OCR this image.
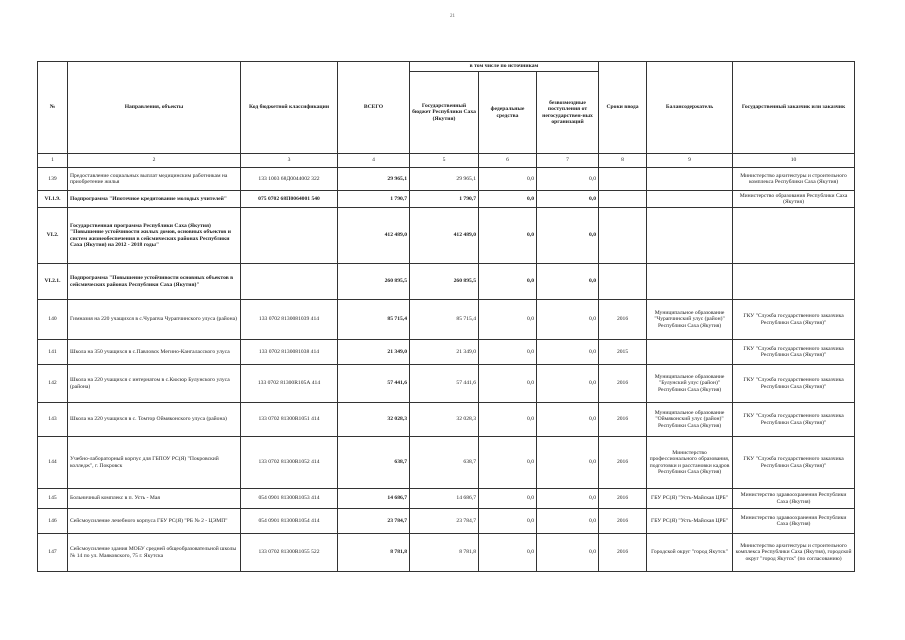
21
№	Направления, объекты	Код бюджетной классификации	ВСЕГО	в том числе по источникам			Сроки ввода	Балансодержатель	Государственный заказчик или заказчик
				Государственный бюджет Республики Саха (Якутия)	федеральные средства	безвозмездные поступления от негосударствен-ных организаций			
1	2	3	4	5	6	7	8	9	10
139	Предоставление социальных выплат медицинским работникам на приобретение жилья	133 1003 68Д0044002 322	29 965,1	29 965,1	0,0	0,0			Министерство архитектуры и строительного комплекса Республики Саха (Якутия)
VI.1.9.	Подпрограмма "Ипотечное кредитование молодых учителей"	075 0702 68П0064001 540	1 790,7	1 790,7	0,0	0,0			Министерство образования Республики Саха (Якутия)
VI.2.	Государственная программа Республики Саха (Якутия) "Повышение устойчивости жилых домов, основных объектов и систем жизнеобеспечения в сейсмических районах Республики Саха (Якутия) на 2012 - 2018 годы"		412 489,0	412 489,0	0,0	0,0			
VI.2.1.	Подпрограмма "Повышение устойчивости основных объектов в сейсмических районах Республики Саха (Якутия)"		260 895,5	260 895,5	0,0	0,0			
140	Гимназия на 220 учащихся в с.Чурапча Чурапчинского улуса (района)	133 0702 8130081039 414	85 715,4	85 715,4	0,0	0,0	2016	Муниципальное образование "Чурапчинский улус (район)" Республики Саха (Якутия)	ГКУ "Служба государственного заказчика Республики Саха (Якутия)"
141	Школа на 350 учащихся в с.Павловск Мегино-Кангаласского улуса	133 0702 8130081038 414	21 349,0	21 349,0	0,0	0,0	2015		ГКУ "Служба государственного заказчика Республики Саха (Якутия)"
142	Школа на 220 учащихся с интернатом в с.Кюсюр Булунского улуса (района)	133 0702 81300R105А 414	57 441,6	57 441,6	0,0	0,0	2016	Муниципальное образование "Булунский улус (район)" Республики Саха (Якутия)	ГКУ "Служба государственного заказчика Республики Саха (Якутия)"
143	Школа на 220 учащихся в с. Томтор Оймяконского улуса (района)	133 0702 81300R1051 414	32 028,3	32 028,3	0,0	0,0	2016	Муниципальное образование "Оймяконский улус (район)" Республики Саха (Якутия)	ГКУ "Служба государственного заказчика Республики Саха (Якутия)"
144	Учебно-лабораторный корпус для ГБПОУ РС(Я) "Покровский колледж", г. Покровск	133 0702 81300R1052 414	638,7	638,7	0,0	0,0	2016	Министерство профессионального образования, подготовки и расстановки кадров Республики Саха (Якутия)	ГКУ "Служба государственного заказчика Республики Саха (Якутия)"
145	Больничный комплекс в п. Усть - Мая	054 0901 81300R1053 414	14 686,7	14 686,7	0,0	0,0	2016	ГБУ РС(Я) "Усть-Майская ЦРБ"	Министерство здравоохранения Республики Саха (Якутия)
146	Сейсмоусиление лечебного корпуса ГБУ РС(Я) "РБ № 2 - ЦЭМП"	054 0901 81300R1054 414	23 784,7	23 784,7	0,0	0,0	2016	ГБУ РС(Я) "Усть-Майская ЦРБ"	Министерство здравоохранения Республики Саха (Якутия)
147	Сейсмоусиление здания МОБУ средней общеобразовательной школы № 14 по ул. Маяковского, 75 г. Якутска	133 0702 81300R1055 522	8 781,8	8 781,8	0,0	0,0	2016	Городской округ "город Якутск"	Министерство архитектуры и строительного комплекса Республики Саха (Якутия), городской округ "город Якутск" (по согласованию)
